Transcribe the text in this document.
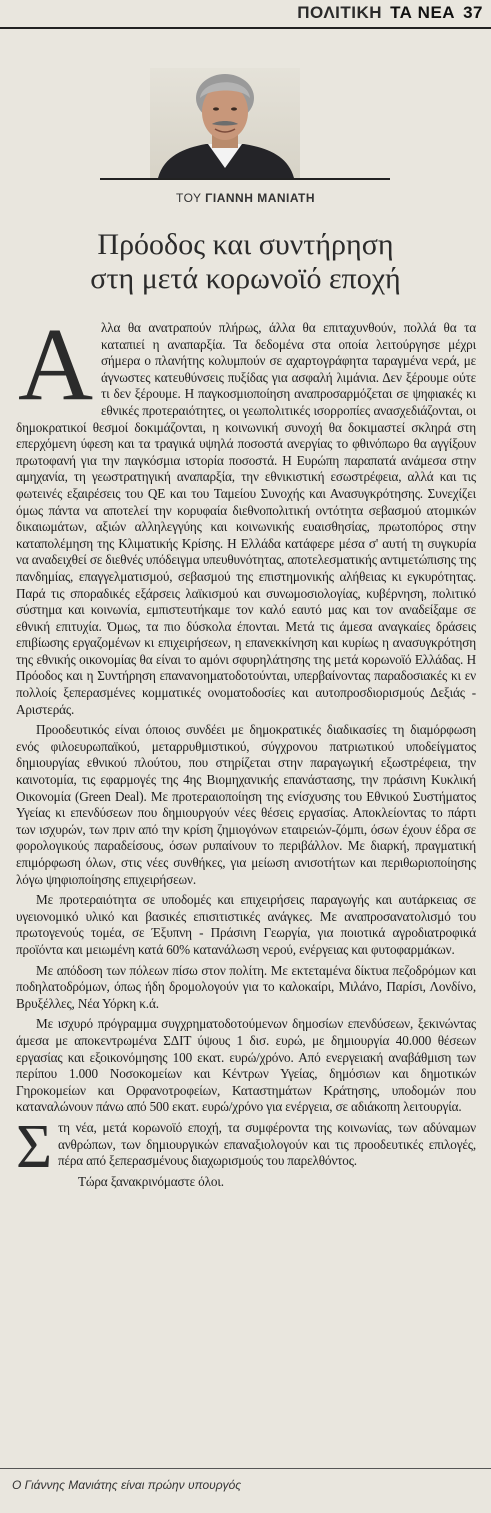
ΠΟΛΙΤΙΚΗ ΤΑ ΝΕΑ 37
ΤΟΥ ΓΙΑΝΝΗ ΜΑΝΙΑΤΗ
Πρόοδος και συντήρηση
στη μετά κορωνοϊό εποχή

Α λλα θα ανατραπούν πλήρως, άλλα θα επιταχυνθούν, πολλά θα τα καταπιεί η αναπαρξία. Τα δεδομένα στα οποία λειτούργησε μέχρι σήμερα ο πλανήτης κολυμπούν σε αχαρτογράφητα ταραγμένα νερά, με άγνωστες κατευθύνσεις πυξίδας για ασφαλή λιμάνια. Δεν ξέρουμε ούτε τι δεν ξέρουμε. Η παγκοσμιοποίηση αναπροσαρμόζεται σε ψηφιακές κι εθνικές προτεραιότητες, οι γεωπολιτικές ισορροπίες ανασχεδιάζονται, οι δημοκρατικοί θεσμοί δοκιμάζονται, η κοινωνική συνοχή θα δοκιμαστεί σκληρά στη επερχόμενη ύφεση και τα τραγικά υψηλά ποσοστά ανεργίας το φθινόπωρο θα αγγίξουν πρωτοφανή για την παγκόσμια ιστορία ποσοστά. Η Ευρώπη παραπατά ανάμεσα στην αμηχανία, τη γεωστρατηγική αναπαρξία, την εθνικιστική εσωστρέφεια, αλλά και τις φωτεινές εξαιρέσεις του QE και του Ταμείου Συνοχής και Ανασυγκρότησης. Συνεχίζει όμως πάντα να αποτελεί την κορυφαία διεθνοπολιτική οντότητα σεβασμού ατομικών δικαιωμάτων, αξιών αλληλεγγύης και κοινωνικής ευαισθησίας, πρωτοπόρος στην καταπολέμηση της Κλιματικής Κρίσης. Η Ελλάδα κατάφερε μέσα σ' αυτή τη συγκυρία να αναδειχθεί σε διεθνές υπόδειγμα υπευθυνότητας, αποτελεσματικής αντιμετώπισης της πανδημίας, επαγγελματισμού, σεβασμού της επιστημονικής αλήθειας κι εγκυρότητας. Παρά τις σποραδικές εξάρσεις λαϊκισμού και συνωμοσιολογίας, κυβέρνηση, πολιτικό σύστημα και κοινωνία, εμπιστευτήκαμε τον καλό εαυτό μας και τον αναδείξαμε σε εθνική επιτυχία. Όμως, τα πιο δύσκολα έπονται. Μετά τις άμεσα αναγκαίες δράσεις επιβίωσης εργαζομένων κι επιχειρήσεων, η επανεκκίνηση και κυρίως η ανασυγκρότηση της εθνικής οικονομίας θα είναι το αμόνι σφυρηλάτησης της μετά κορωνοϊό Ελλάδας. Η Πρόοδος και η Συντήρηση επανανοηματοδοτούνται, υπερβαίνοντας παραδοσιακές κι εν πολλοίς ξεπερασμένες κομματικές ονοματοδοσίες και αυτοπροσδιορισμούς Δεξιάς - Αριστεράς.

Προοδευτικός είναι όποιος συνδέει με δημοκρατικές διαδικασίες τη διαμόρφωση ενός φιλοευρωπαϊκού, μεταρρυθμιστικού, σύγχρονου πατριωτικού υποδείγματος δημιουργίας εθνικού πλούτου, που στηρίζεται στην παραγωγική εξωστρέφεια, την καινοτομία, τις εφαρμογές της 4ης Βιομηχανικής επανάστασης, την πράσινη Κυκλική Οικονομία (Green Deal). Με προτεραιοποίηση της ενίσχυσης του Εθνικού Συστήματος Υγείας κι επενδύσεων που δημιουργούν νέες θέσεις εργασίας. Αποκλείοντας το πάρτι των ισχυρών, των πριν από την κρίση ζημιογόνων εταιρειών-ζόμπι, όσων έχουν έδρα σε φορολογικούς παραδείσους, όσων ρυπαίνουν το περιβάλλον. Με διαρκή, πραγματική επιμόρφωση όλων, στις νέες συνθήκες, για μείωση ανισοτήτων και περιθωριοποίησης λόγω ψηφιοποίησης επιχειρήσεων.

Με προτεραιότητα σε υποδομές και επιχειρήσεις παραγωγής και αυτάρκειας σε υγειονομικό υλικό και βασικές επισιτιστικές ανάγκες. Με αναπροσανατολισμό του πρωτογενούς τομέα, σε Έξυπνη - Πράσινη Γεωργία, για ποιοτικά αγροδιατροφικά προϊόντα και μειωμένη κατά 60% κατανάλωση νερού, ενέργειας και φυτοφαρμάκων.

Με απόδοση των πόλεων πίσω στον πολίτη. Με εκτεταμένα δίκτυα πεζοδρόμων και ποδηλατοδρόμων, όπως ήδη δρομολογούν για το καλοκαίρι, Μιλάνο, Παρίσι, Λονδίνο, Βρυξέλλες, Νέα Υόρκη κ.ά.

Με ισχυρό πρόγραμμα συγχρηματοδοτούμενων δημοσίων επενδύσεων, ξεκινώντας άμεσα με αποκεντρωμένα ΣΔΙΤ ύψους 1 δισ. ευρώ, με δημιουργία 40.000 θέσεων εργασίας και εξοικονόμησης 100 εκατ. ευρώ/χρόνο. Από ενεργειακή αναβάθμιση των περίπου 1.000 Νοσοκομείων και Κέντρων Υγείας, δημόσιων και δημοτικών Γηροκομείων και Ορφανοτροφείων, Καταστημάτων Κράτησης, υποδομών που καταναλώνουν πάνω από 500 εκατ. ευρώ/χρόνο για ενέργεια, σε αδιάκοπη λειτουργία.

Σ τη νέα, μετά κορωνοϊό εποχή, τα συμφέροντα της κοινωνίας, των αδύναμων ανθρώπων, των δημιουργικών επαναξιολογούν και τις προοδευτικές επιλογές, πέρα από ξεπερασμένους διαχωρισμούς του παρελθόντος.

Τώρα ξανακρινόμαστε όλοι.

Ο Γιάννης Μανιάτης είναι πρώην υπουργός
